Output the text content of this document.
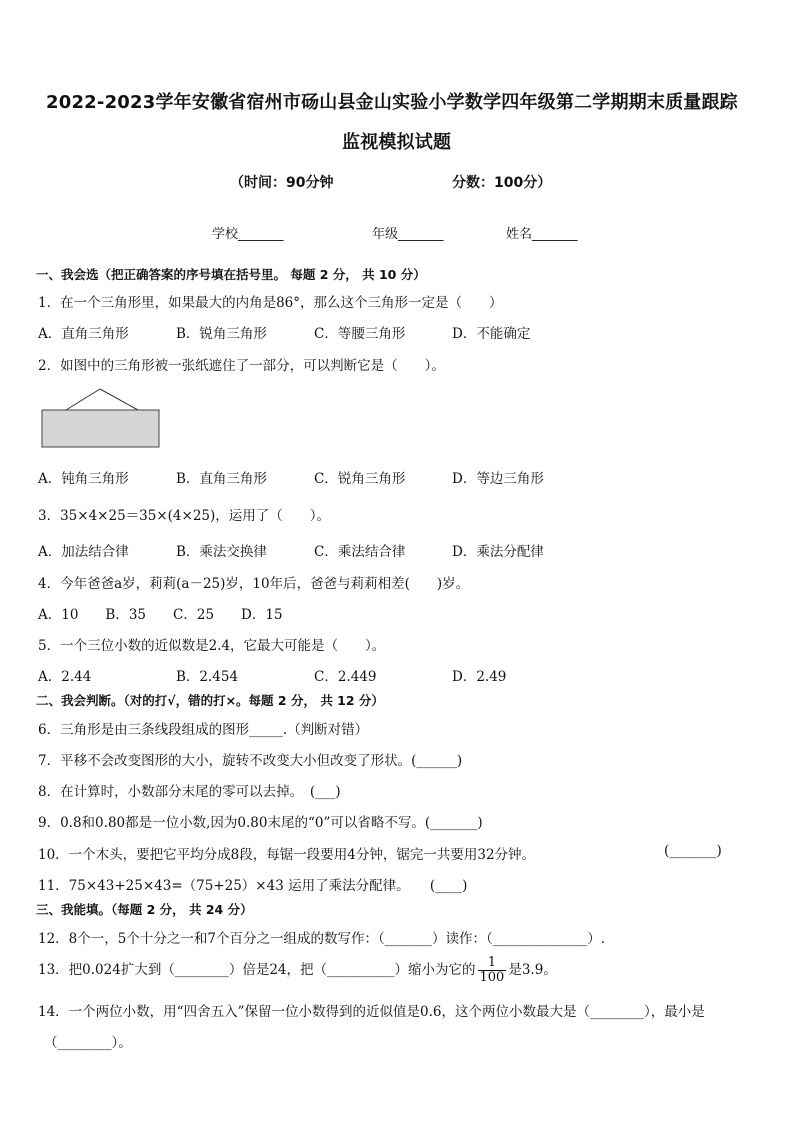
2022-2023学年安徽省宿州市砀山县金山实验小学数学四年级第二学期期末质量跟踪
监视模拟试题
（时间：90分钟	分数：100分）
学校_______	年级_______	姓名_______
一、我会选（把正确答案的序号填在括号里。 每题 2 分， 共 10 分）
1．在一个三角形里，如果最大的内角是86°，那么这个三角形一定是（　　）
A．直角三角形	B．锐角三角形	C．等腰三角形	D．不能确定
2．如图中的三角形被一张纸遮住了一部分，可以判断它是（　　）。
A．钝角三角形	B．直角三角形	C．锐角三角形	D．等边三角形
3．35×4×25＝35×(4×25)，运用了（　　）。
A．加法结合律	B．乘法交换律	C．乘法结合律	D．乘法分配律
4．今年爸爸a岁，莉莉(a－25)岁，10年后，爸爸与莉莉相差(　　)岁。
A．10　　B．35　　C．25　　D．15
5．一个三位小数的近似数是2.4，它最大可能是（　　）。
A．2.44	B．2.454	C．2.449	D．2.49
二、我会判断。（对的打√，错的打×。每题 2 分， 共 12 分）
6．三角形是由三条线段组成的图形_____.（判断对错）
7．平移不会改变图形的大小，旋转不改变大小但改变了形状。(______)
8．在计算时，小数部分末尾的零可以去掉。　(___)
9．0.8和0.80都是一位小数,因为0.80末尾的“0”可以省略不写。(_______)
10．一个木头，要把它平均分成8段，每锯一段要用4分钟，锯完一共要用32分钟。	(_______)
11．75×43+25×43=（75+25）×43 运用了乘法分配律。　　(____)
三、我能填。（每题 2 分， 共 24 分）
12．8个一，5个十分之一和7个百分之一组成的数写作：（_______）读作：（______________）.
13．把0.024扩大到（________）倍是24，把（__________）缩小为它的 $\frac{1}{100}$ 是3.9。
14．一个两位小数，用“四舍五入”保留一位小数得到的近似值是0.6，这个两位小数最大是（________），最小是
（________）。
